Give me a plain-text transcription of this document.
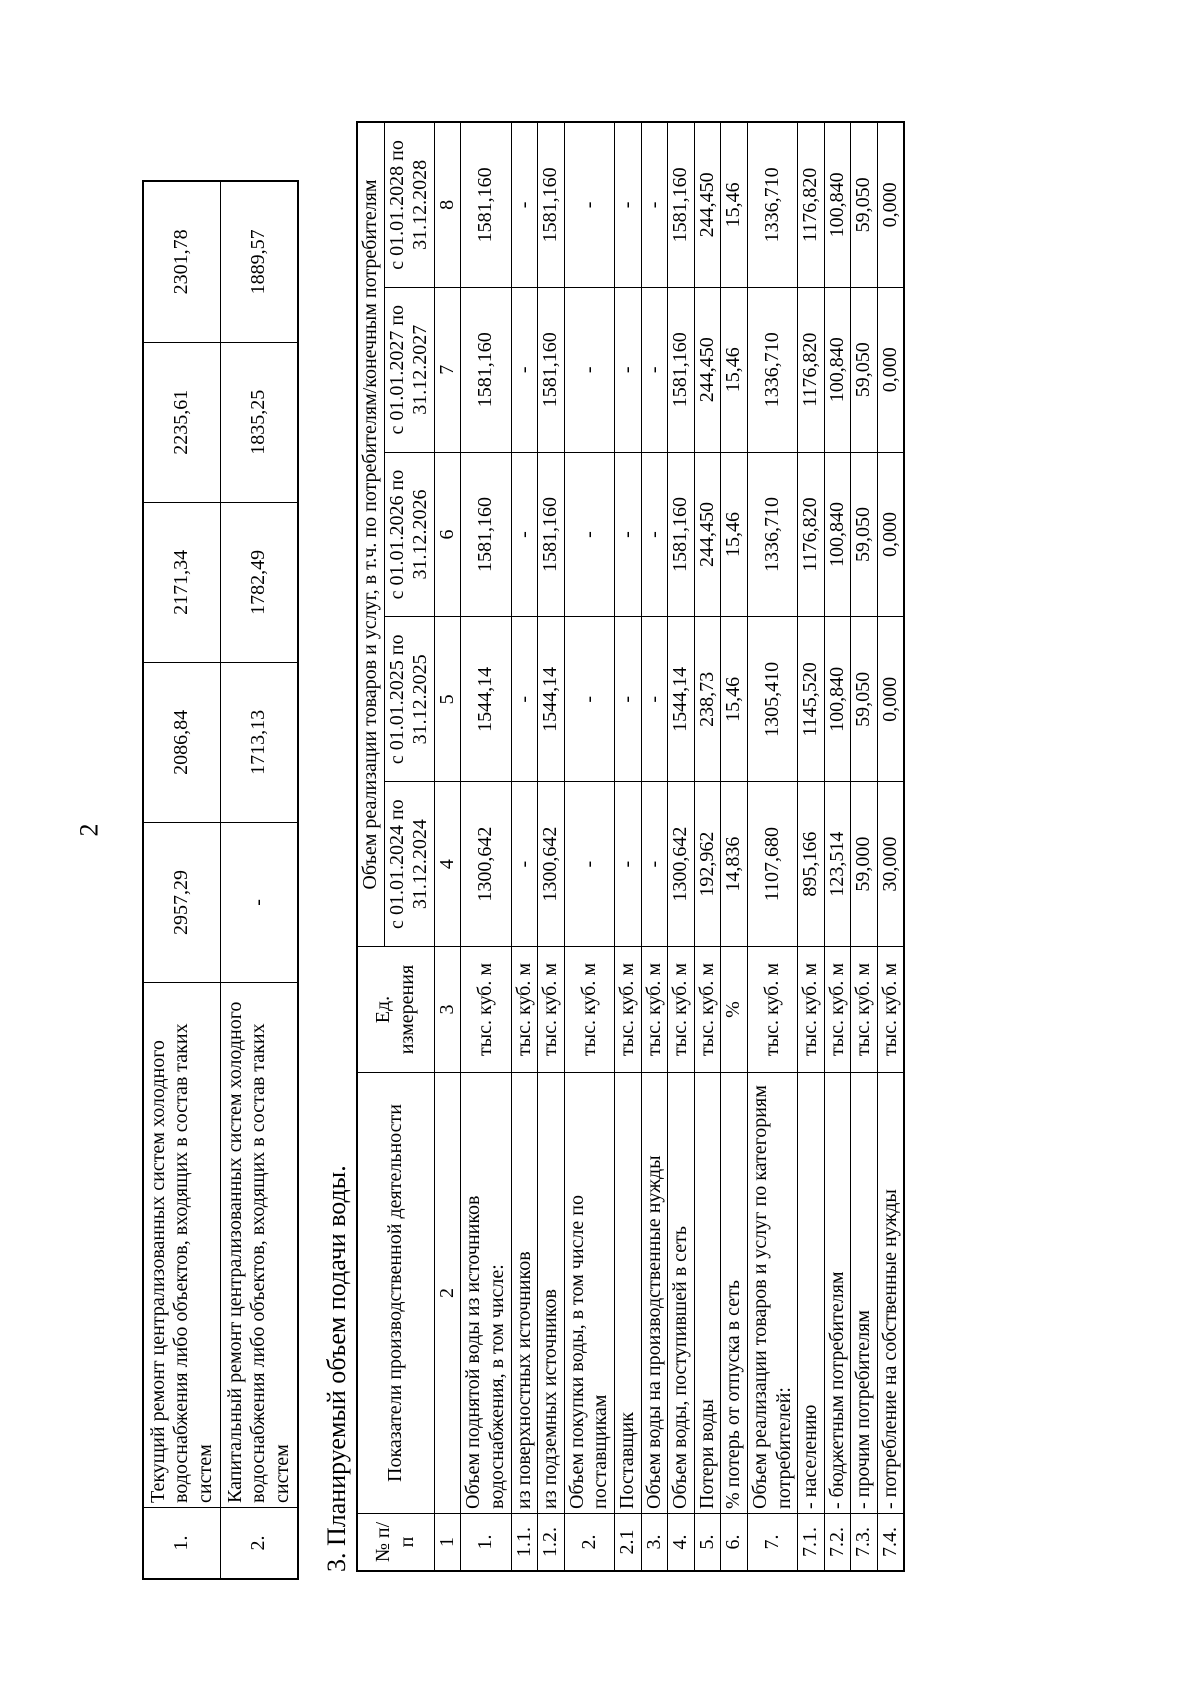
2
1.	Текущий ремонт централизованных систем холодного водоснабжения либо объектов, входящих в состав таких систем	2957,29	2086,84	2171,34	2235,61	2301,78
2.	Капитальный ремонт централизованных систем холодного водоснабжения либо объектов, входящих в состав таких систем	-	1713,13	1782,49	1835,25	1889,57
3. Планируемый объем подачи воды. № п/п	Показатели производственной деятельности	Ед. измерения	Объем реализации товаров и услуг, в т.ч. по потребителям/конечным потребителям				
			с 01.01.2024 по 31.12.2024	с 01.01.2025 по 31.12.2025	с 01.01.2026 по 31.12.2026	с 01.01.2027 по 31.12.2027	с 01.01.2028 по 31.12.2028
1	2	3	4	5	6	7	8
1.	Объем поднятой воды из источников водоснабжения, в том числе:	тыс. куб. м	1300,642	1544,14	1581,160	1581,160	1581,160
1.1.	из поверхностных источников	тыс. куб. м	-	-	-	-	-
1.2.	из подземных источников	тыс. куб. м	1300,642	1544,14	1581,160	1581,160	1581,160
2.	Объем покупки воды, в том числе по поставщикам	тыс. куб. м	-	-	-	-	-
2.1	Поставщик	тыс. куб. м	-	-	-	-	-
3.	Объем воды на производственные нужды	тыс. куб. м	-	-	-	-	-
4.	Объем воды, поступившей в сеть	тыс. куб. м	1300,642	1544,14	1581,160	1581,160	1581,160
5.	Потери воды	тыс. куб. м	192,962	238,73	244,450	244,450	244,450
6.	% потерь от отпуска в сеть	%	14,836	15,46	15,46	15,46	15,46
7.	Объем реализации товаров и услуг по категориям потребителей:	тыс. куб. м	1107,680	1305,410	1336,710	1336,710	1336,710
7.1.	- населению	тыс. куб. м	895,166	1145,520	1176,820	1176,820	1176,820
7.2.	- бюджетным потребителям	тыс. куб. м	123,514	100,840	100,840	100,840	100,840
7.3.	- прочим потребителям	тыс. куб. м	59,000	59,050	59,050	59,050	59,050
7.4.	- потребление на собственные нужды	тыс. куб. м	30,000	0,000	0,000	0,000	0,000
